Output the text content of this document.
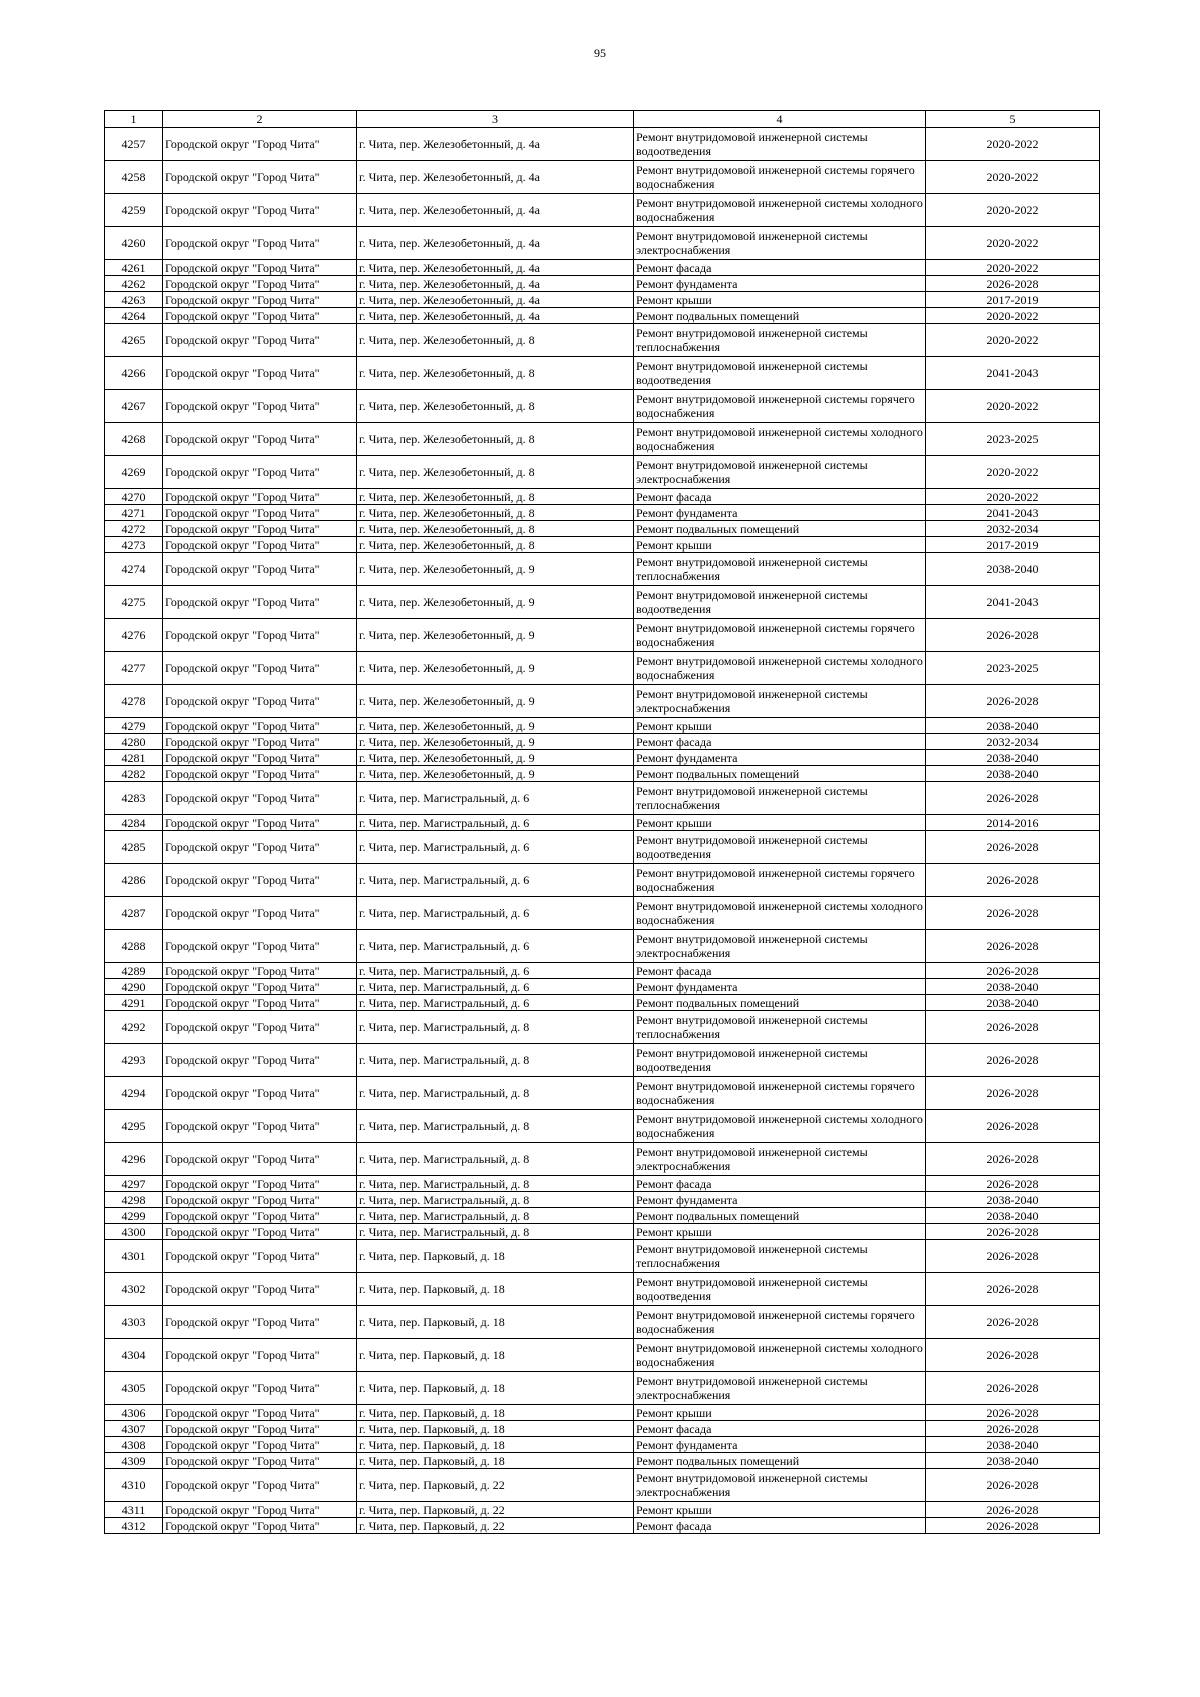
95
1	2	3	4	5
4257	Городской округ "Город Чита"	г. Чита, пер. Железобетонный, д. 4а	Ремонт внутридомовой инженерной системы водоотведения	2020-2022
4258	Городской округ "Город Чита"	г. Чита, пер. Железобетонный, д. 4а	Ремонт внутридомовой инженерной системы горячего водоснабжения	2020-2022
4259	Городской округ "Город Чита"	г. Чита, пер. Железобетонный, д. 4а	Ремонт внутридомовой инженерной системы холодного водоснабжения	2020-2022
4260	Городской округ "Город Чита"	г. Чита, пер. Железобетонный, д. 4а	Ремонт внутридомовой инженерной системы электроснабжения	2020-2022
4261	Городской округ "Город Чита"	г. Чита, пер. Железобетонный, д. 4а	Ремонт фасада	2020-2022
4262	Городской округ "Город Чита"	г. Чита, пер. Железобетонный, д. 4а	Ремонт фундамента	2026-2028
4263	Городской округ "Город Чита"	г. Чита, пер. Железобетонный, д. 4а	Ремонт крыши	2017-2019
4264	Городской округ "Город Чита"	г. Чита, пер. Железобетонный, д. 4а	Ремонт подвальных помещений	2020-2022
4265	Городской округ "Город Чита"	г. Чита, пер. Железобетонный, д. 8	Ремонт внутридомовой инженерной системы теплоснабжения	2020-2022
4266	Городской округ "Город Чита"	г. Чита, пер. Железобетонный, д. 8	Ремонт внутридомовой инженерной системы водоотведения	2041-2043
4267	Городской округ "Город Чита"	г. Чита, пер. Железобетонный, д. 8	Ремонт внутридомовой инженерной системы горячего водоснабжения	2020-2022
4268	Городской округ "Город Чита"	г. Чита, пер. Железобетонный, д. 8	Ремонт внутридомовой инженерной системы холодного водоснабжения	2023-2025
4269	Городской округ "Город Чита"	г. Чита, пер. Железобетонный, д. 8	Ремонт внутридомовой инженерной системы электроснабжения	2020-2022
4270	Городской округ "Город Чита"	г. Чита, пер. Железобетонный, д. 8	Ремонт фасада	2020-2022
4271	Городской округ "Город Чита"	г. Чита, пер. Железобетонный, д. 8	Ремонт фундамента	2041-2043
4272	Городской округ "Город Чита"	г. Чита, пер. Железобетонный, д. 8	Ремонт подвальных помещений	2032-2034
4273	Городской округ "Город Чита"	г. Чита, пер. Железобетонный, д. 8	Ремонт крыши	2017-2019
4274	Городской округ "Город Чита"	г. Чита, пер. Железобетонный, д. 9	Ремонт внутридомовой инженерной системы теплоснабжения	2038-2040
4275	Городской округ "Город Чита"	г. Чита, пер. Железобетонный, д. 9	Ремонт внутридомовой инженерной системы водоотведения	2041-2043
4276	Городской округ "Город Чита"	г. Чита, пер. Железобетонный, д. 9	Ремонт внутридомовой инженерной системы горячего водоснабжения	2026-2028
4277	Городской округ "Город Чита"	г. Чита, пер. Железобетонный, д. 9	Ремонт внутридомовой инженерной системы холодного водоснабжения	2023-2025
4278	Городской округ "Город Чита"	г. Чита, пер. Железобетонный, д. 9	Ремонт внутридомовой инженерной системы электроснабжения	2026-2028
4279	Городской округ "Город Чита"	г. Чита, пер. Железобетонный, д. 9	Ремонт крыши	2038-2040
4280	Городской округ "Город Чита"	г. Чита, пер. Железобетонный, д. 9	Ремонт фасада	2032-2034
4281	Городской округ "Город Чита"	г. Чита, пер. Железобетонный, д. 9	Ремонт фундамента	2038-2040
4282	Городской округ "Город Чита"	г. Чита, пер. Железобетонный, д. 9	Ремонт подвальных помещений	2038-2040
4283	Городской округ "Город Чита"	г. Чита, пер. Магистральный, д. 6	Ремонт внутридомовой инженерной системы теплоснабжения	2026-2028
4284	Городской округ "Город Чита"	г. Чита, пер. Магистральный, д. 6	Ремонт крыши	2014-2016
4285	Городской округ "Город Чита"	г. Чита, пер. Магистральный, д. 6	Ремонт внутридомовой инженерной системы водоотведения	2026-2028
4286	Городской округ "Город Чита"	г. Чита, пер. Магистральный, д. 6	Ремонт внутридомовой инженерной системы горячего водоснабжения	2026-2028
4287	Городской округ "Город Чита"	г. Чита, пер. Магистральный, д. 6	Ремонт внутридомовой инженерной системы холодного водоснабжения	2026-2028
4288	Городской округ "Город Чита"	г. Чита, пер. Магистральный, д. 6	Ремонт внутридомовой инженерной системы электроснабжения	2026-2028
4289	Городской округ "Город Чита"	г. Чита, пер. Магистральный, д. 6	Ремонт фасада	2026-2028
4290	Городской округ "Город Чита"	г. Чита, пер. Магистральный, д. 6	Ремонт фундамента	2038-2040
4291	Городской округ "Город Чита"	г. Чита, пер. Магистральный, д. 6	Ремонт подвальных помещений	2038-2040
4292	Городской округ "Город Чита"	г. Чита, пер. Магистральный, д. 8	Ремонт внутридомовой инженерной системы теплоснабжения	2026-2028
4293	Городской округ "Город Чита"	г. Чита, пер. Магистральный, д. 8	Ремонт внутридомовой инженерной системы водоотведения	2026-2028
4294	Городской округ "Город Чита"	г. Чита, пер. Магистральный, д. 8	Ремонт внутридомовой инженерной системы горячего водоснабжения	2026-2028
4295	Городской округ "Город Чита"	г. Чита, пер. Магистральный, д. 8	Ремонт внутридомовой инженерной системы холодного водоснабжения	2026-2028
4296	Городской округ "Город Чита"	г. Чита, пер. Магистральный, д. 8	Ремонт внутридомовой инженерной системы электроснабжения	2026-2028
4297	Городской округ "Город Чита"	г. Чита, пер. Магистральный, д. 8	Ремонт фасада	2026-2028
4298	Городской округ "Город Чита"	г. Чита, пер. Магистральный, д. 8	Ремонт фундамента	2038-2040
4299	Городской округ "Город Чита"	г. Чита, пер. Магистральный, д. 8	Ремонт подвальных помещений	2038-2040
4300	Городской округ "Город Чита"	г. Чита, пер. Магистральный, д. 8	Ремонт крыши	2026-2028
4301	Городской округ "Город Чита"	г. Чита, пер. Парковый, д. 18	Ремонт внутридомовой инженерной системы теплоснабжения	2026-2028
4302	Городской округ "Город Чита"	г. Чита, пер. Парковый, д. 18	Ремонт внутридомовой инженерной системы водоотведения	2026-2028
4303	Городской округ "Город Чита"	г. Чита, пер. Парковый, д. 18	Ремонт внутридомовой инженерной системы горячего водоснабжения	2026-2028
4304	Городской округ "Город Чита"	г. Чита, пер. Парковый, д. 18	Ремонт внутридомовой инженерной системы холодного водоснабжения	2026-2028
4305	Городской округ "Город Чита"	г. Чита, пер. Парковый, д. 18	Ремонт внутридомовой инженерной системы электроснабжения	2026-2028
4306	Городской округ "Город Чита"	г. Чита, пер. Парковый, д. 18	Ремонт крыши	2026-2028
4307	Городской округ "Город Чита"	г. Чита, пер. Парковый, д. 18	Ремонт фасада	2026-2028
4308	Городской округ "Город Чита"	г. Чита, пер. Парковый, д. 18	Ремонт фундамента	2038-2040
4309	Городской округ "Город Чита"	г. Чита, пер. Парковый, д. 18	Ремонт подвальных помещений	2038-2040
4310	Городской округ "Город Чита"	г. Чита, пер. Парковый, д. 22	Ремонт внутридомовой инженерной системы электроснабжения	2026-2028
4311	Городской округ "Город Чита"	г. Чита, пер. Парковый, д. 22	Ремонт крыши	2026-2028
4312	Городской округ "Город Чита"	г. Чита, пер. Парковый, д. 22	Ремонт фасада	2026-2028
